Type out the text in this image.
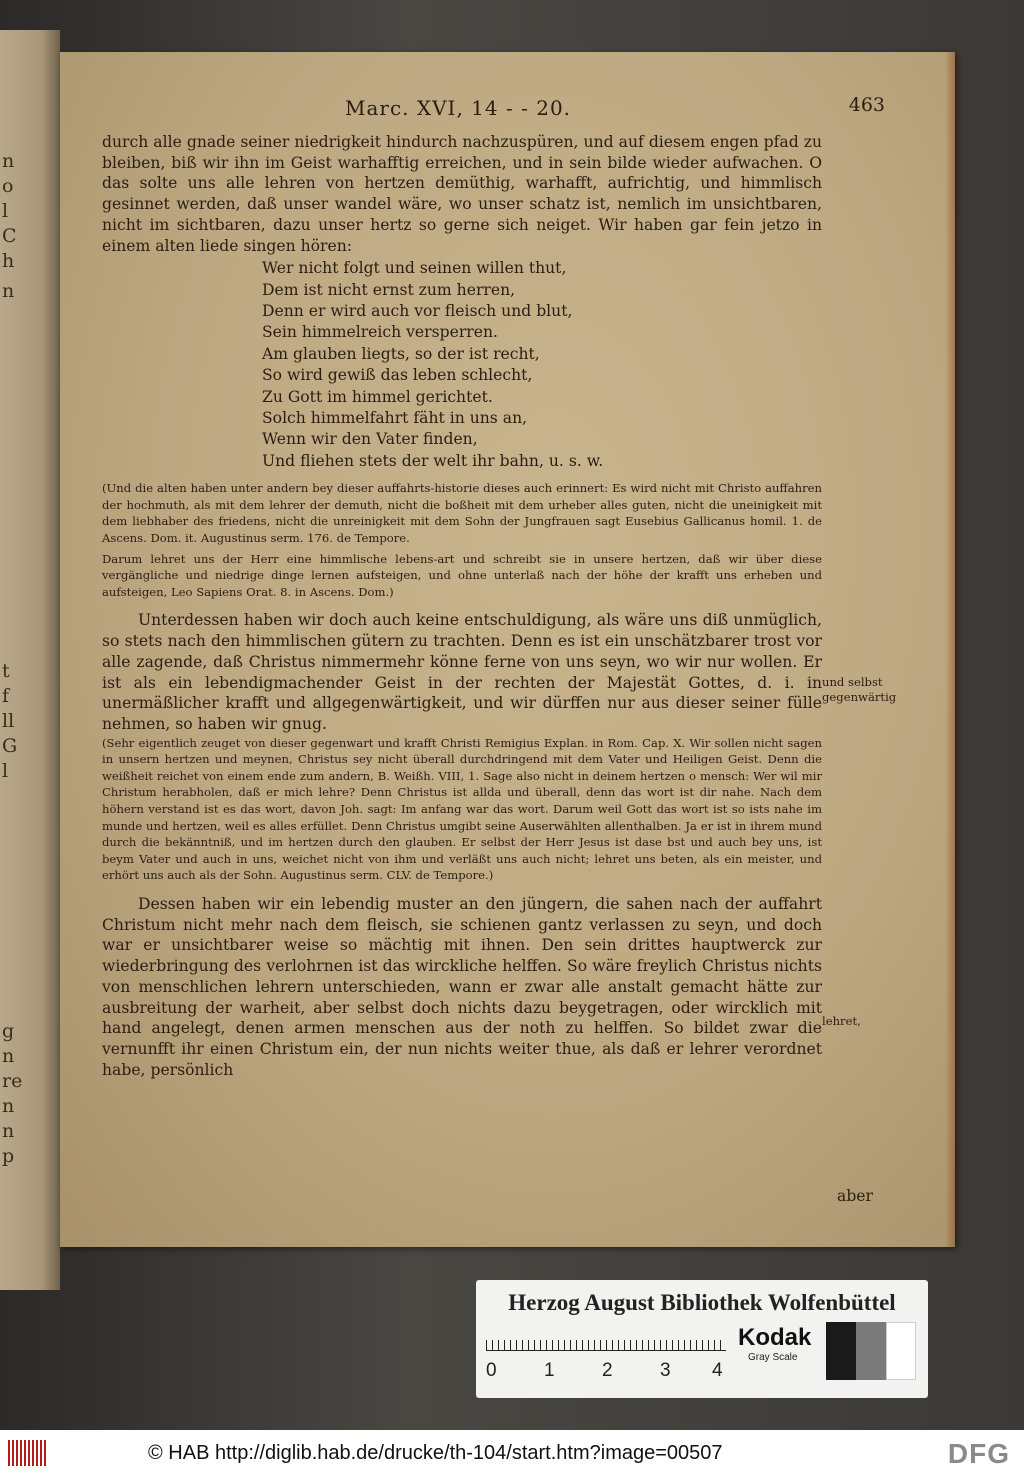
n
o
l
C
h
n
t
f
ll
G
l
g
n
re
n
n
p
Marc. XVI, 14 - - 20.	463

durch alle gnade seiner niedrigkeit hindurch nachzuspüren, und auf diesem engen pfad zu bleiben, biß wir ihn im Geist warhafftig erreichen, und in sein bilde wieder aufwachen. O das solte uns alle lehren von hertzen demüthig, warhafft, aufrichtig, und himmlisch gesinnet werden, daß unser wandel wäre, wo unser schatz ist, nemlich im unsichtbaren, nicht im sichtbaren, dazu unser hertz so gerne sich neiget. Wir haben gar fein jetzo in einem alten liede singen hören:

Wer nicht folgt und seinen willen thut,
Dem ist nicht ernst zum herren,
Denn er wird auch vor fleisch und blut,
Sein himmelreich versperren.
Am glauben liegts, so der ist recht,
So wird gewiß das leben schlecht,
Zu Gott im himmel gerichtet.
Solch himmelfahrt fäht in uns an,
Wenn wir den Vater finden,
Und fliehen stets der welt ihr bahn, u. s. w.

(Und die alten haben unter andern bey dieser auffahrts-historie dieses auch erinnert: Es wird nicht mit Christo auffahren der hochmuth, als mit dem lehrer der demuth, nicht die boßheit mit dem urheber alles guten, nicht die uneinigkeit mit dem liebhaber des friedens, nicht die unreinigkeit mit dem Sohn der Jungfrauen sagt Eusebius Gallicanus homil. 1. de Ascens. Dom. it. Augustinus serm. 176. de Tempore.

Darum lehret uns der Herr eine himmlische lebens-art und schreibt sie in unsere hertzen, daß wir über diese vergängliche und niedrige dinge lernen aufsteigen, und ohne unterlaß nach der höhe der krafft uns erheben und aufsteigen, Leo Sapiens Orat. 8. in Ascens. Dom.)

Unterdessen haben wir doch auch keine entschuldigung, als wäre uns diß unmüglich, so stets nach den himmlischen gütern zu trachten. Denn es ist ein unschätzbarer trost vor alle zagende, daß Christus nimmermehr könne ferne von uns seyn, wo wir nur wollen. Er ist als ein lebendigmachender Geist in der rechten der Majestät Gottes, d. i. in unermäßlicher krafft und allgegenwärtigkeit, und wir dürffen nur aus dieser seiner fülle nehmen, so haben wir gnug.

(Sehr eigentlich zeuget von dieser gegenwart und krafft Christi Remigius Explan. in Rom. Cap. X. Wir sollen nicht sagen in unsern hertzen und meynen, Christus sey nicht überall durchdringend mit dem Vater und Heiligen Geist. Denn die weißheit reichet von einem ende zum andern, B. Weißh. VIII, 1. Sage also nicht in deinem hertzen o mensch: Wer wil mir Christum herabholen, daß er mich lehre? Denn Christus ist allda und überall, denn das wort ist dir nahe. Nach dem höhern verstand ist es das wort, davon Joh. sagt: Im anfang war das wort. Darum weil Gott das wort ist so ists nahe im munde und hertzen, weil es alles erfüllet. Denn Christus umgibt seine Auserwählten allenthalben. Ja er ist in ihrem mund durch die bekänntniß, und im hertzen durch den glauben. Er selbst der Herr Jesus ist dase bst und auch bey uns, ist beym Vater und auch in uns, weichet nicht von ihm und verläßt uns auch nicht; lehret uns beten, als ein meister, und erhört uns auch als der Sohn. Augustinus serm. CLV. de Tempore.)

Dessen haben wir ein lebendig muster an den jüngern, die sahen nach der auffahrt Christum nicht mehr nach dem fleisch, sie schienen gantz verlassen zu seyn, und doch war er unsichtbarer weise so mächtig mit ihnen. Den sein drittes hauptwerck zur wiederbringung des verlohrnen ist das wirckliche helffen. So wäre freylich Christus nichts von menschlichen lehrern unterschieden, wann er zwar alle anstalt gemacht hätte zur ausbreitung der warheit, aber selbst doch nichts dazu beygetragen, oder wircklich mit hand angelegt, denen armen menschen aus der noth zu helffen. So bildet zwar die vernunfft ihr einen Christum ein, der nun nichts weiter thue, als daß er lehrer verordnet habe, persönlich

und selbst gegenwärtig
lehret,
aber
Herzog August Bibliothek Wolfenbüttel
0 1 2 3 4
Kodak
Gray Scale
© HAB http://diglib.hab.de/drucke/th-104/start.htm?image=00507	DFG
